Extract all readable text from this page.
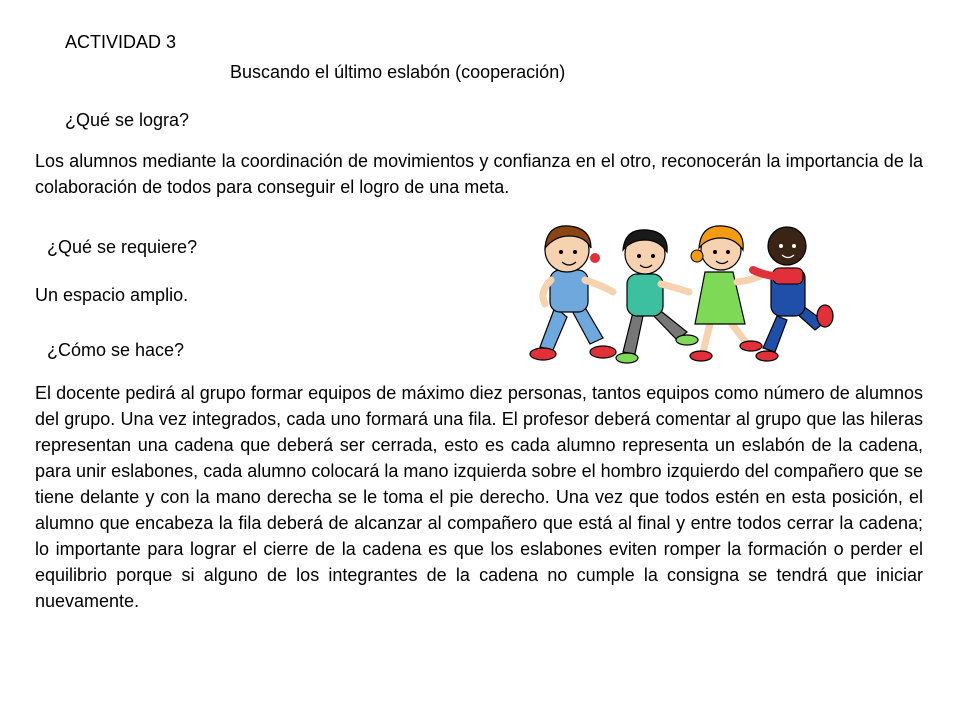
ACTIVIDAD 3
Buscando el último eslabón (cooperación)
¿Qué se logra?
Los alumnos mediante la coordinación de movimientos y confianza en el otro, reconocerán la importancia de la colaboración de todos para conseguir el logro de una meta.
¿Qué se requiere?
Un espacio amplio.
¿Cómo se hace?
El docente pedirá al grupo formar equipos de máximo diez personas, tantos equipos como número de alumnos del grupo. Una vez integrados, cada uno formará una fila. El profesor deberá comentar al grupo que las hileras representan una cadena que deberá ser cerrada, esto es cada alumno representa un eslabón de la cadena, para unir eslabones, cada alumno colocará la mano izquierda sobre el hombro izquierdo del compañero que se tiene delante y con la mano derecha se le toma el pie derecho. Una vez que todos estén en esta posición, el alumno que encabeza la fila deberá de alcanzar al compañero que está al final y entre todos cerrar la cadena; lo importante para lograr el cierre de la cadena es que los eslabones eviten romper la formación o perder el equilibrio porque si alguno de los integrantes de la cadena no cumple la consigna se tendrá que iniciar nuevamente.
